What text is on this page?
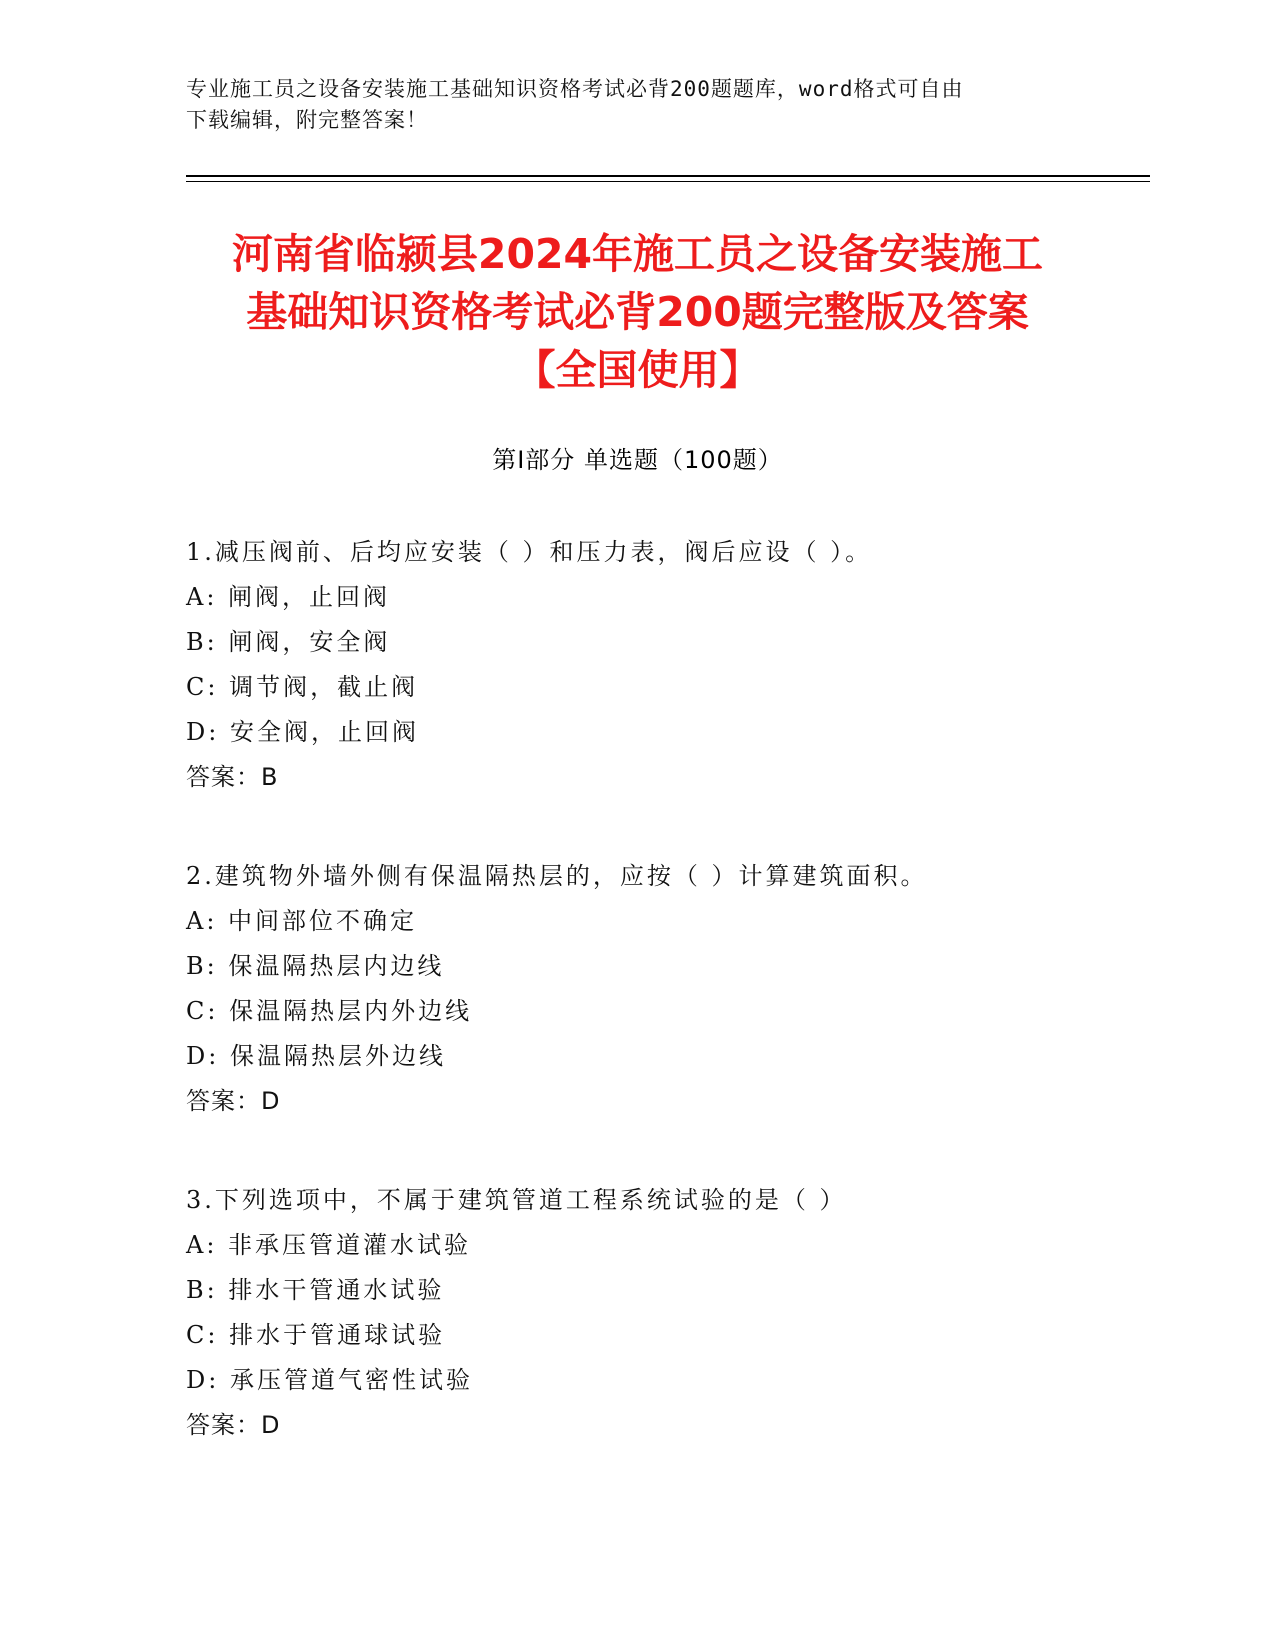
专业施工员之设备安装施工基础知识资格考试必背200题题库，word格式可自由
下载编辑，附完整答案！
河南省临颍县2024年施工员之设备安装施工
基础知识资格考试必背200题完整版及答案
【全国使用】
第Ⅰ部分 单选题（100题）
1.减压阀前、后均应安装（ ）和压力表，阀后应设（ ）。
A: 闸阀，止回阀
B: 闸阀，安全阀
C: 调节阀，截止阀
D: 安全阀，止回阀
答案：B
2.建筑物外墙外侧有保温隔热层的，应按（ ）计算建筑面积。
A: 中间部位不确定
B: 保温隔热层内边线
C: 保温隔热层内外边线
D: 保温隔热层外边线
答案：D
3.下列选项中，不属于建筑管道工程系统试验的是（ ）
A: 非承压管道灌水试验
B: 排水干管通水试验
C: 排水于管通球试验
D: 承压管道气密性试验
答案：D
